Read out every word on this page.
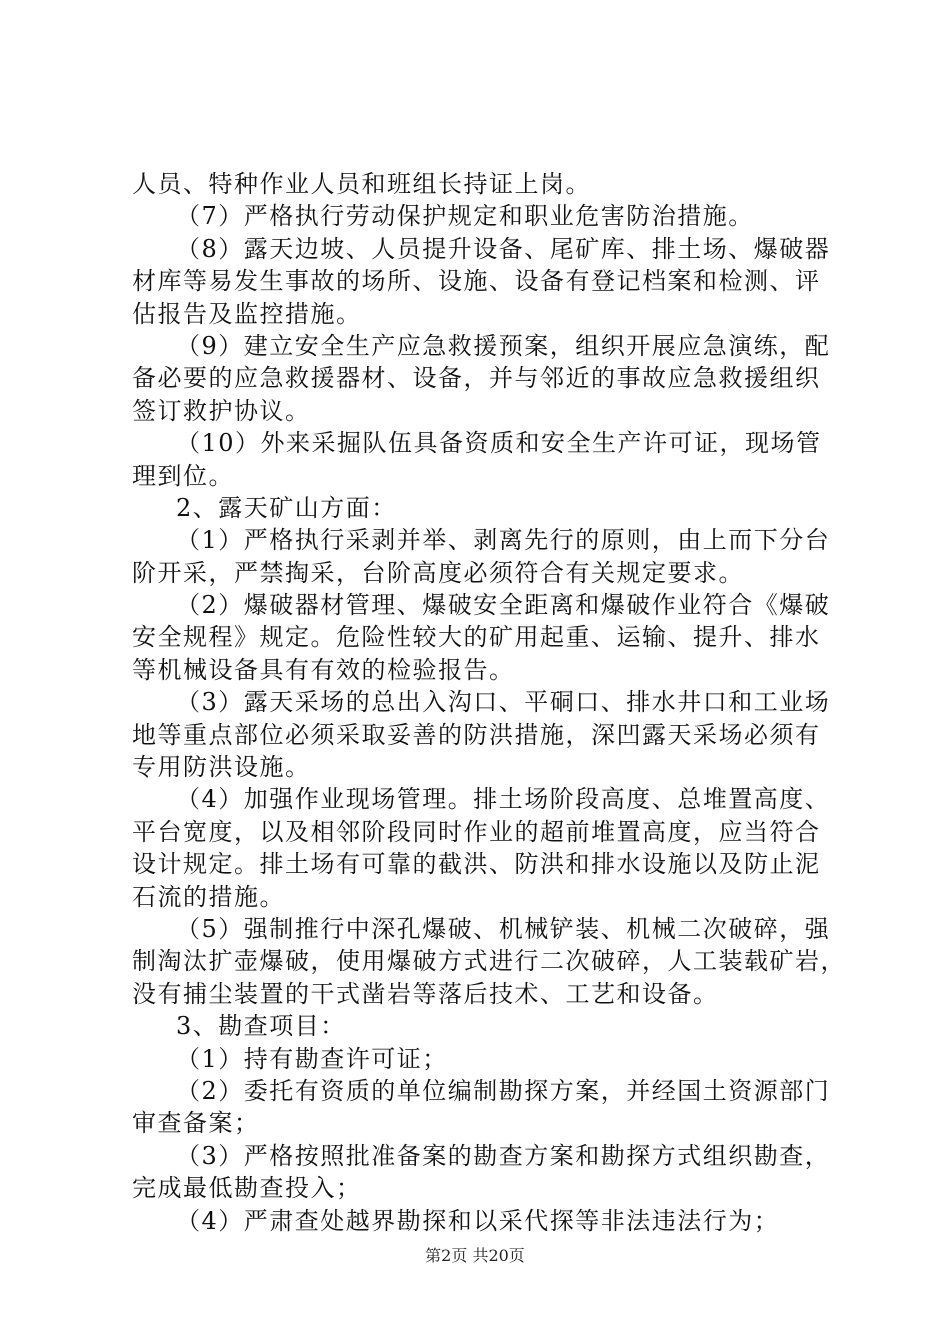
人员、特种作业人员和班组长持证上岗。
（7）严格执行劳动保护规定和职业危害防治措施。
（8）露天边坡、人员提升设备、尾矿库、排土场、爆破器
材库等易发生事故的场所、设施、设备有登记档案和检测、评
估报告及监控措施。
（9）建立安全生产应急救援预案，组织开展应急演练，配
备必要的应急救援器材、设备，并与邻近的事故应急救援组织
签订救护协议。
（10）外来采掘队伍具备资质和安全生产许可证，现场管
理到位。
2、露天矿山方面：
（1）严格执行采剥并举、剥离先行的原则，由上而下分台
阶开采，严禁掏采，台阶高度必须符合有关规定要求。
（2）爆破器材管理、爆破安全距离和爆破作业符合《爆破
安全规程》规定。危险性较大的矿用起重、运输、提升、排水
等机械设备具有有效的检验报告。
（3）露天采场的总出入沟口、平硐口、排水井口和工业场
地等重点部位必须采取妥善的防洪措施，深凹露天采场必须有
专用防洪设施。
（4）加强作业现场管理。排土场阶段高度、总堆置高度、
平台宽度，以及相邻阶段同时作业的超前堆置高度，应当符合
设计规定。排土场有可靠的截洪、防洪和排水设施以及防止泥
石流的措施。
（5）强制推行中深孔爆破、机械铲装、机械二次破碎，强
制淘汰扩壶爆破，使用爆破方式进行二次破碎，人工装载矿岩，
没有捕尘装置的干式凿岩等落后技术、工艺和设备。
3、勘查项目：
（1）持有勘查许可证；
（2）委托有资质的单位编制勘探方案，并经国土资源部门
审查备案；
（3）严格按照批准备案的勘查方案和勘探方式组织勘查，
完成最低勘查投入；
（4）严肃查处越界勘探和以采代探等非法违法行为；
第2页 共20页
